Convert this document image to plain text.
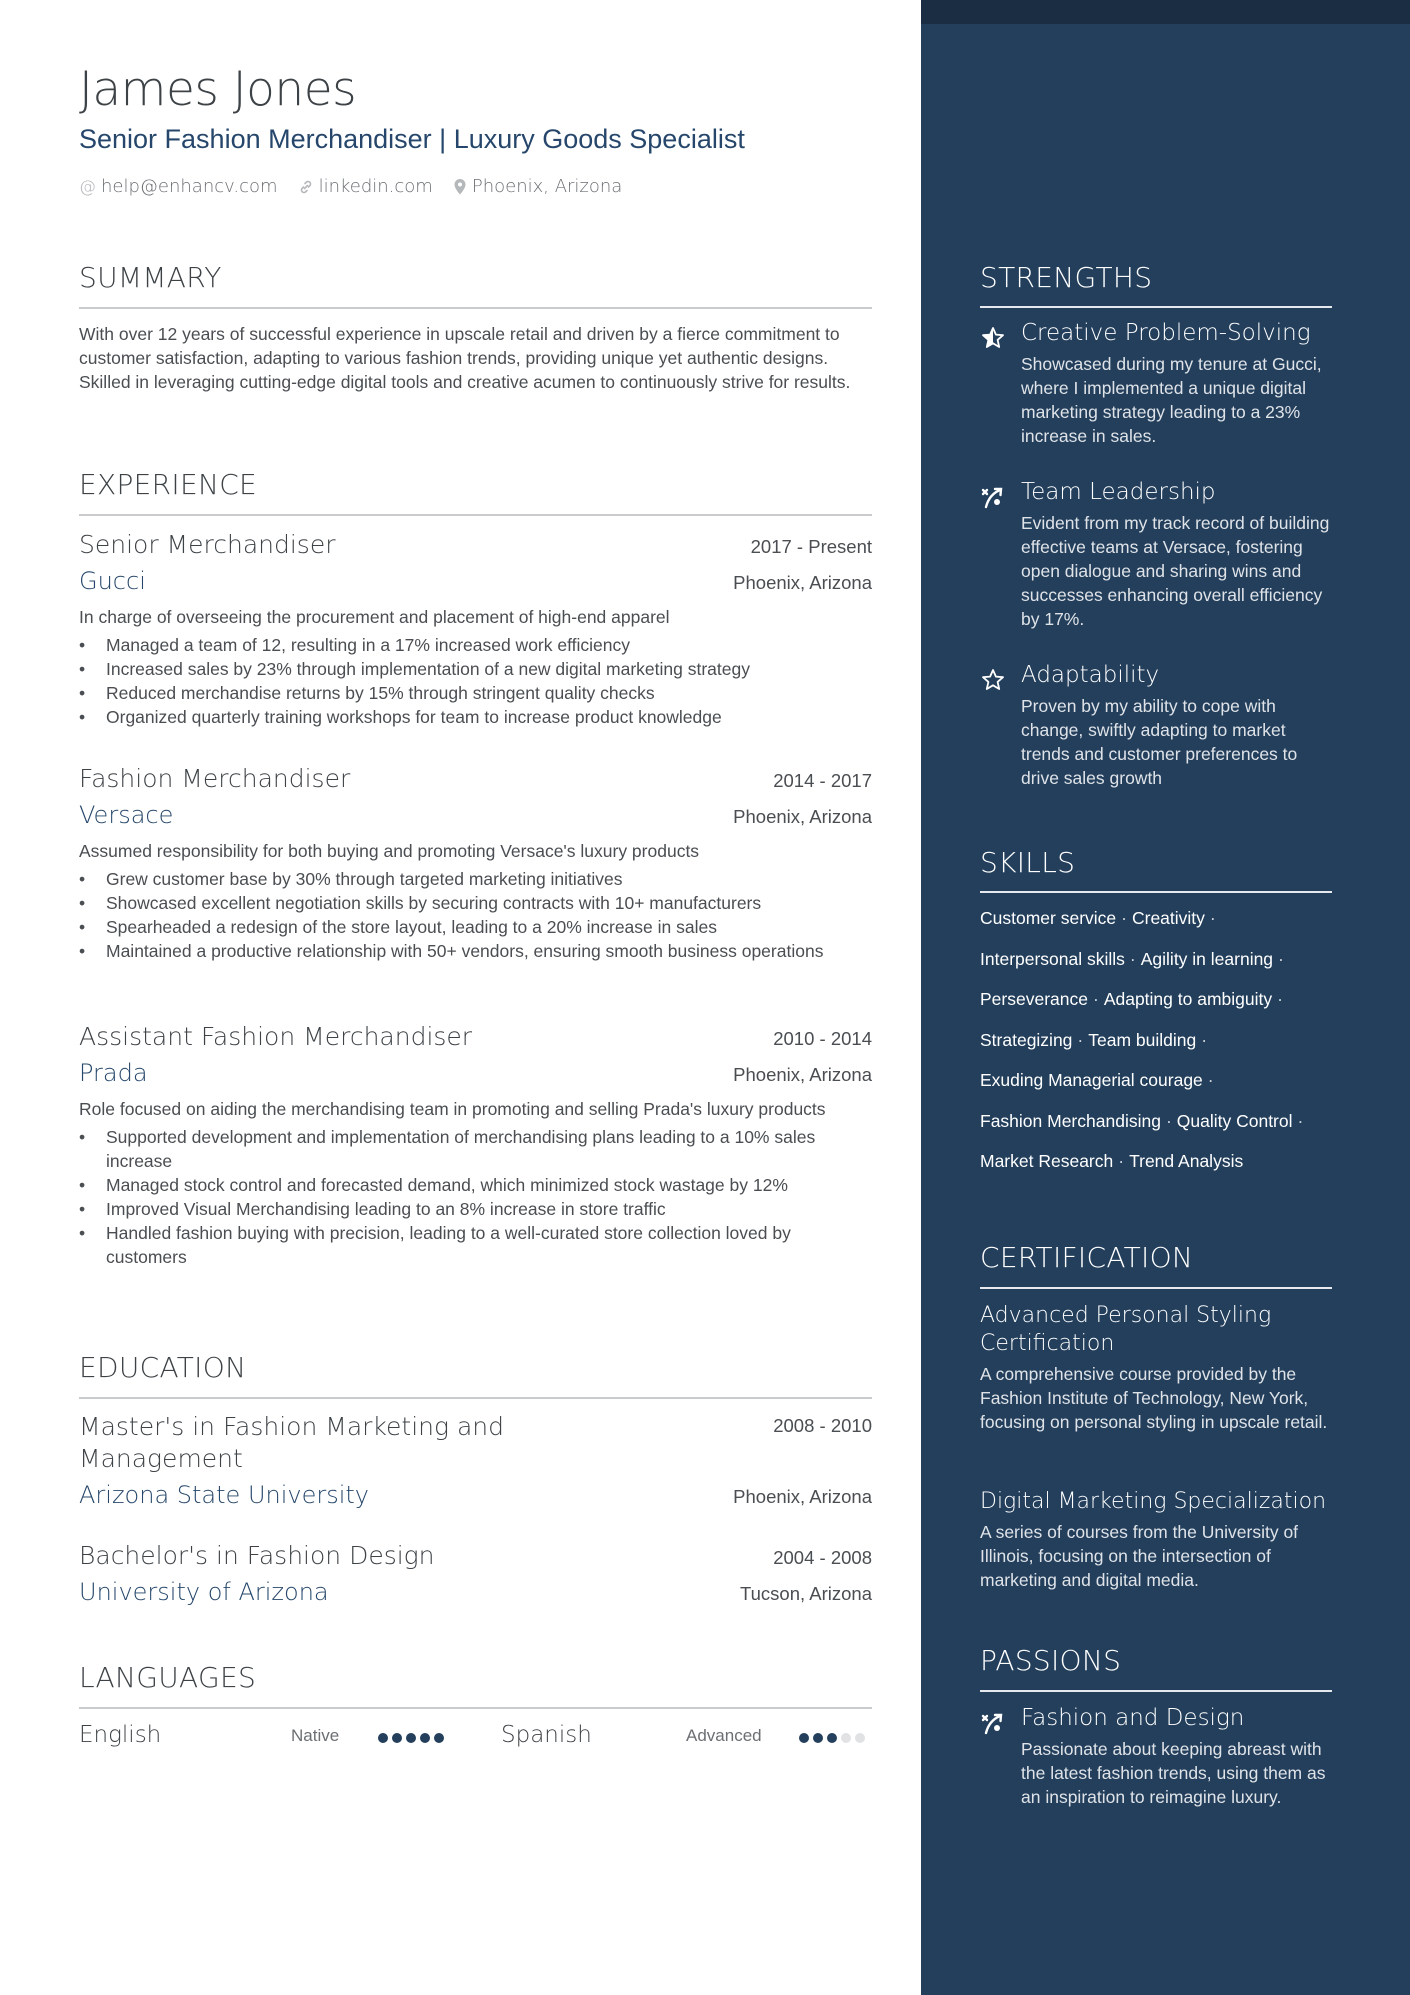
James Jones
Senior Fashion Merchandiser | Luxury Goods Specialist
@ help@enhancv.com linkedin.com Phoenix, Arizona
SUMMARY
With over 12 years of successful experience in upscale retail and driven by a fierce commitment to customer satisfaction, adapting to various fashion trends, providing unique yet authentic designs. Skilled in leveraging cutting-edge digital tools and creative acumen to continuously strive for results.
EXPERIENCE
Senior Merchandiser	2017 - Present
Gucci	Phoenix, Arizona
In charge of overseeing the procurement and placement of high-end apparel
• Managed a team of 12, resulting in a 17% increased work efficiency
• Increased sales by 23% through implementation of a new digital marketing strategy
• Reduced merchandise returns by 15% through stringent quality checks
• Organized quarterly training workshops for team to increase product knowledge
Fashion Merchandiser	2014 - 2017
Versace	Phoenix, Arizona
Assumed responsibility for both buying and promoting Versace's luxury products
• Grew customer base by 30% through targeted marketing initiatives
• Showcased excellent negotiation skills by securing contracts with 10+ manufacturers
• Spearheaded a redesign of the store layout, leading to a 20% increase in sales
• Maintained a productive relationship with 50+ vendors, ensuring smooth business operations
Assistant Fashion Merchandiser	2010 - 2014
Prada	Phoenix, Arizona
Role focused on aiding the merchandising team in promoting and selling Prada's luxury products
• Supported development and implementation of merchandising plans leading to a 10% sales increase
• Managed stock control and forecasted demand, which minimized stock wastage by 12%
• Improved Visual Merchandising leading to an 8% increase in store traffic
• Handled fashion buying with precision, leading to a well-curated store collection loved by customers
EDUCATION
Master's in Fashion Marketing and Management
2008 - 2010
Arizona State University	Phoenix, Arizona
Bachelor's in Fashion Design	2004 - 2008
University of Arizona	Tucson, Arizona
LANGUAGES
English	Native	Spanish	Advanced
STRENGTHS
Creative Problem-Solving
Showcased during my tenure at Gucci, where I implemented a unique digital marketing strategy leading to a 23% increase in sales.
Team Leadership
Evident from my track record of building effective teams at Versace, fostering open dialogue and sharing wins and successes enhancing overall efficiency by 17%.
Adaptability
Proven by my ability to cope with change, swiftly adapting to market trends and customer preferences to drive sales growth
SKILLS
Customer service · Creativity ·
Interpersonal skills · Agility in learning ·
Perseverance · Adapting to ambiguity ·
Strategizing · Team building ·
Exuding Managerial courage ·
Fashion Merchandising · Quality Control ·
Market Research · Trend Analysis
CERTIFICATION
Advanced Personal Styling Certification
A comprehensive course provided by the Fashion Institute of Technology, New York, focusing on personal styling in upscale retail.
Digital Marketing Specialization
A series of courses from the University of Illinois, focusing on the intersection of marketing and digital media.
PASSIONS
Fashion and Design
Passionate about keeping abreast with the latest fashion trends, using them as an inspiration to reimagine luxury.
